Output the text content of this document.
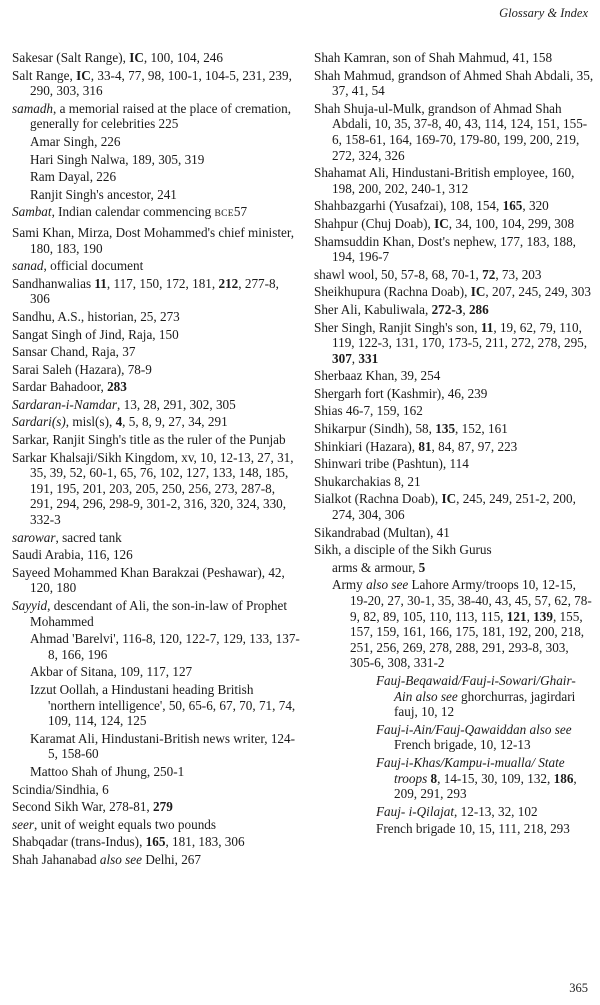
Glossary & Index
Sakesar (Salt Range), IC, 100, 104, 246
Salt Range, IC, 33-4, 77, 98, 100-1, 104-5, 231, 239, 290, 303, 316
samadh, a memorial raised at the place of cremation, generally for celebrities 225
Amar Singh, 226
Hari Singh Nalwa, 189, 305, 319
Ram Dayal, 226
Ranjit Singh's ancestor, 241
Sambat, Indian calendar commencing BCE57
Sami Khan, Mirza, Dost Mohammed's chief minister, 180, 183, 190
sanad, official document
Sandhanwalias 11, 117, 150, 172, 181, 212, 277-8, 306
Sandhu, A.S., historian, 25, 273
Sangat Singh of Jind, Raja, 150
Sansar Chand, Raja, 37
Sarai Saleh (Hazara), 78-9
Sardar Bahadoor, 283
Sardaran-i-Namdar, 13, 28, 291, 302, 305
Sardari(s), misl(s), 4, 5, 8, 9, 27, 34, 291
Sarkar, Ranjit Singh's title as the ruler of the Punjab
Sarkar Khalsaji/Sikh Kingdom, xv, 10, 12-13, 27, 31, 35, 39, 52, 60-1, 65, 76, 102, 127, 133, 148, 185, 191, 195, 201, 203, 205, 250, 256, 273, 287-8, 291, 294, 296, 298-9, 301-2, 316, 320, 324, 330, 332-3
sarowar, sacred tank
Saudi Arabia, 116, 126
Sayeed Mohammed Khan Barakzai (Peshawar), 42, 120, 180
Sayyid, descendant of Ali, the son-in-law of Prophet Mohammed
Ahmad 'Barelvi', 116-8, 120, 122-7, 129, 133, 137-8, 166, 196
Akbar of Sitana, 109, 117, 127
Izzut Oollah, a Hindustani heading British 'northern intelligence', 50, 65-6, 67, 70, 71, 74, 109, 114, 124, 125
Karamat Ali, Hindustani-British news writer, 124-5, 158-60
Mattoo Shah of Jhung, 250-1
Scindia/Sindhia, 6
Second Sikh War, 278-81, 279
seer, unit of weight equals two pounds
Shabqadar (trans-Indus), 165, 181, 183, 306
Shah Jahanabad also see Delhi, 267
Shah Kamran, son of Shah Mahmud, 41, 158
Shah Mahmud, grandson of Ahmed Shah Abdali, 35, 37, 41, 54
Shah Shuja-ul-Mulk, grandson of Ahmad Shah Abdali, 10, 35, 37-8, 40, 43, 114, 124, 151, 155-6, 158-61, 164, 169-70, 179-80, 199, 200, 219, 272, 324, 326
Shahamat Ali, Hindustani-British employee, 160, 198, 200, 202, 240-1, 312
Shahbazgarhi (Yusafzai), 108, 154, 165, 320
Shahpur (Chuj Doab), IC, 34, 100, 104, 299, 308
Shamsuddin Khan, Dost's nephew, 177, 183, 188, 194, 196-7
shawl wool, 50, 57-8, 68, 70-1, 72, 73, 203
Sheikhupura (Rachna Doab), IC, 207, 245, 249, 303
Sher Ali, Kabuliwala, 272-3, 286
Sher Singh, Ranjit Singh's son, 11, 19, 62, 79, 110, 119, 122-3, 131, 170, 173-5, 211, 272, 278, 295, 307, 331
Sherbaaz Khan, 39, 254
Shergarh fort (Kashmir), 46, 239
Shias 46-7, 159, 162
Shikarpur (Sindh), 58, 135, 152, 161
Shinkiari (Hazara), 81, 84, 87, 97, 223
Shinwari tribe (Pashtun), 114
Shukarchakias 8, 21
Sialkot (Rachna Doab), IC, 245, 249, 251-2, 200, 274, 304, 306
Sikandrabad (Multan), 41
Sikh, a disciple of the Sikh Gurus
arms & armour, 5
Army also see Lahore Army/troops 10, 12-15, 19-20, 27, 30-1, 35, 38-40, 43, 45, 57, 62, 78-9, 82, 89, 105, 110, 113, 115, 121, 139, 155, 157, 159, 161, 166, 175, 181, 192, 200, 218, 251, 256, 269, 278, 288, 291, 293-8, 303, 305-6, 308, 331-2
Fauj-Beqawaid/Fauj-i-Sowari/Ghair-Ain also see ghorchurras, jagirdari fauj, 10, 12
Fauj-i-Ain/Fauj-Qawaiddan also see French brigade, 10, 12-13
Fauj-i-Khas/Kampu-i-mualla/ State troops 8, 14-15, 30, 109, 132, 186, 209, 291, 293
Fauj- i-Qilajat, 12-13, 32, 102
French brigade 10, 15, 111, 218, 293
365
